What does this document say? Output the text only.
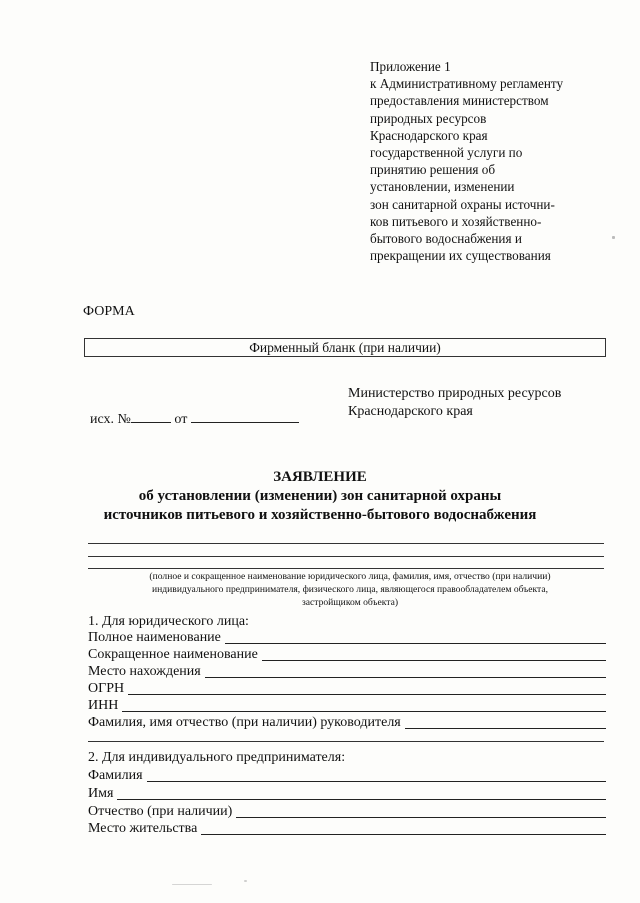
Приложение 1
к Административному регламенту
предоставления министерством
природных ресурсов
Краснодарского края
государственной услуги по
принятию решения об
установлении, изменении
зон санитарной охраны источни-
ков питьевого и хозяйственно-
бытового водоснабжения и
прекращении их существования
ФОРМА
Фирменный бланк (при наличии)
Министерство природных ресурсов
Краснодарского края
исх. №	от
ЗАЯВЛЕНИЕ
об установлении (изменении) зон санитарной охраны
источников питьевого и хозяйственно-бытового водоснабжения
(полное и сокращенное наименование юридического лица, фамилия, имя, отчество (при наличии)
индивидуального предпринимателя, физического лица, являющегося правообладателем объекта,
застройщиком объекта)
1. Для юридического лица:
Полное наименование
Сокращенное наименование
Место нахождения
ОГРН
ИНН
Фамилия, имя отчество (при наличии) руководителя
2. Для индивидуального предпринимателя:
Фамилия
Имя
Отчество (при наличии)
Место жительства
